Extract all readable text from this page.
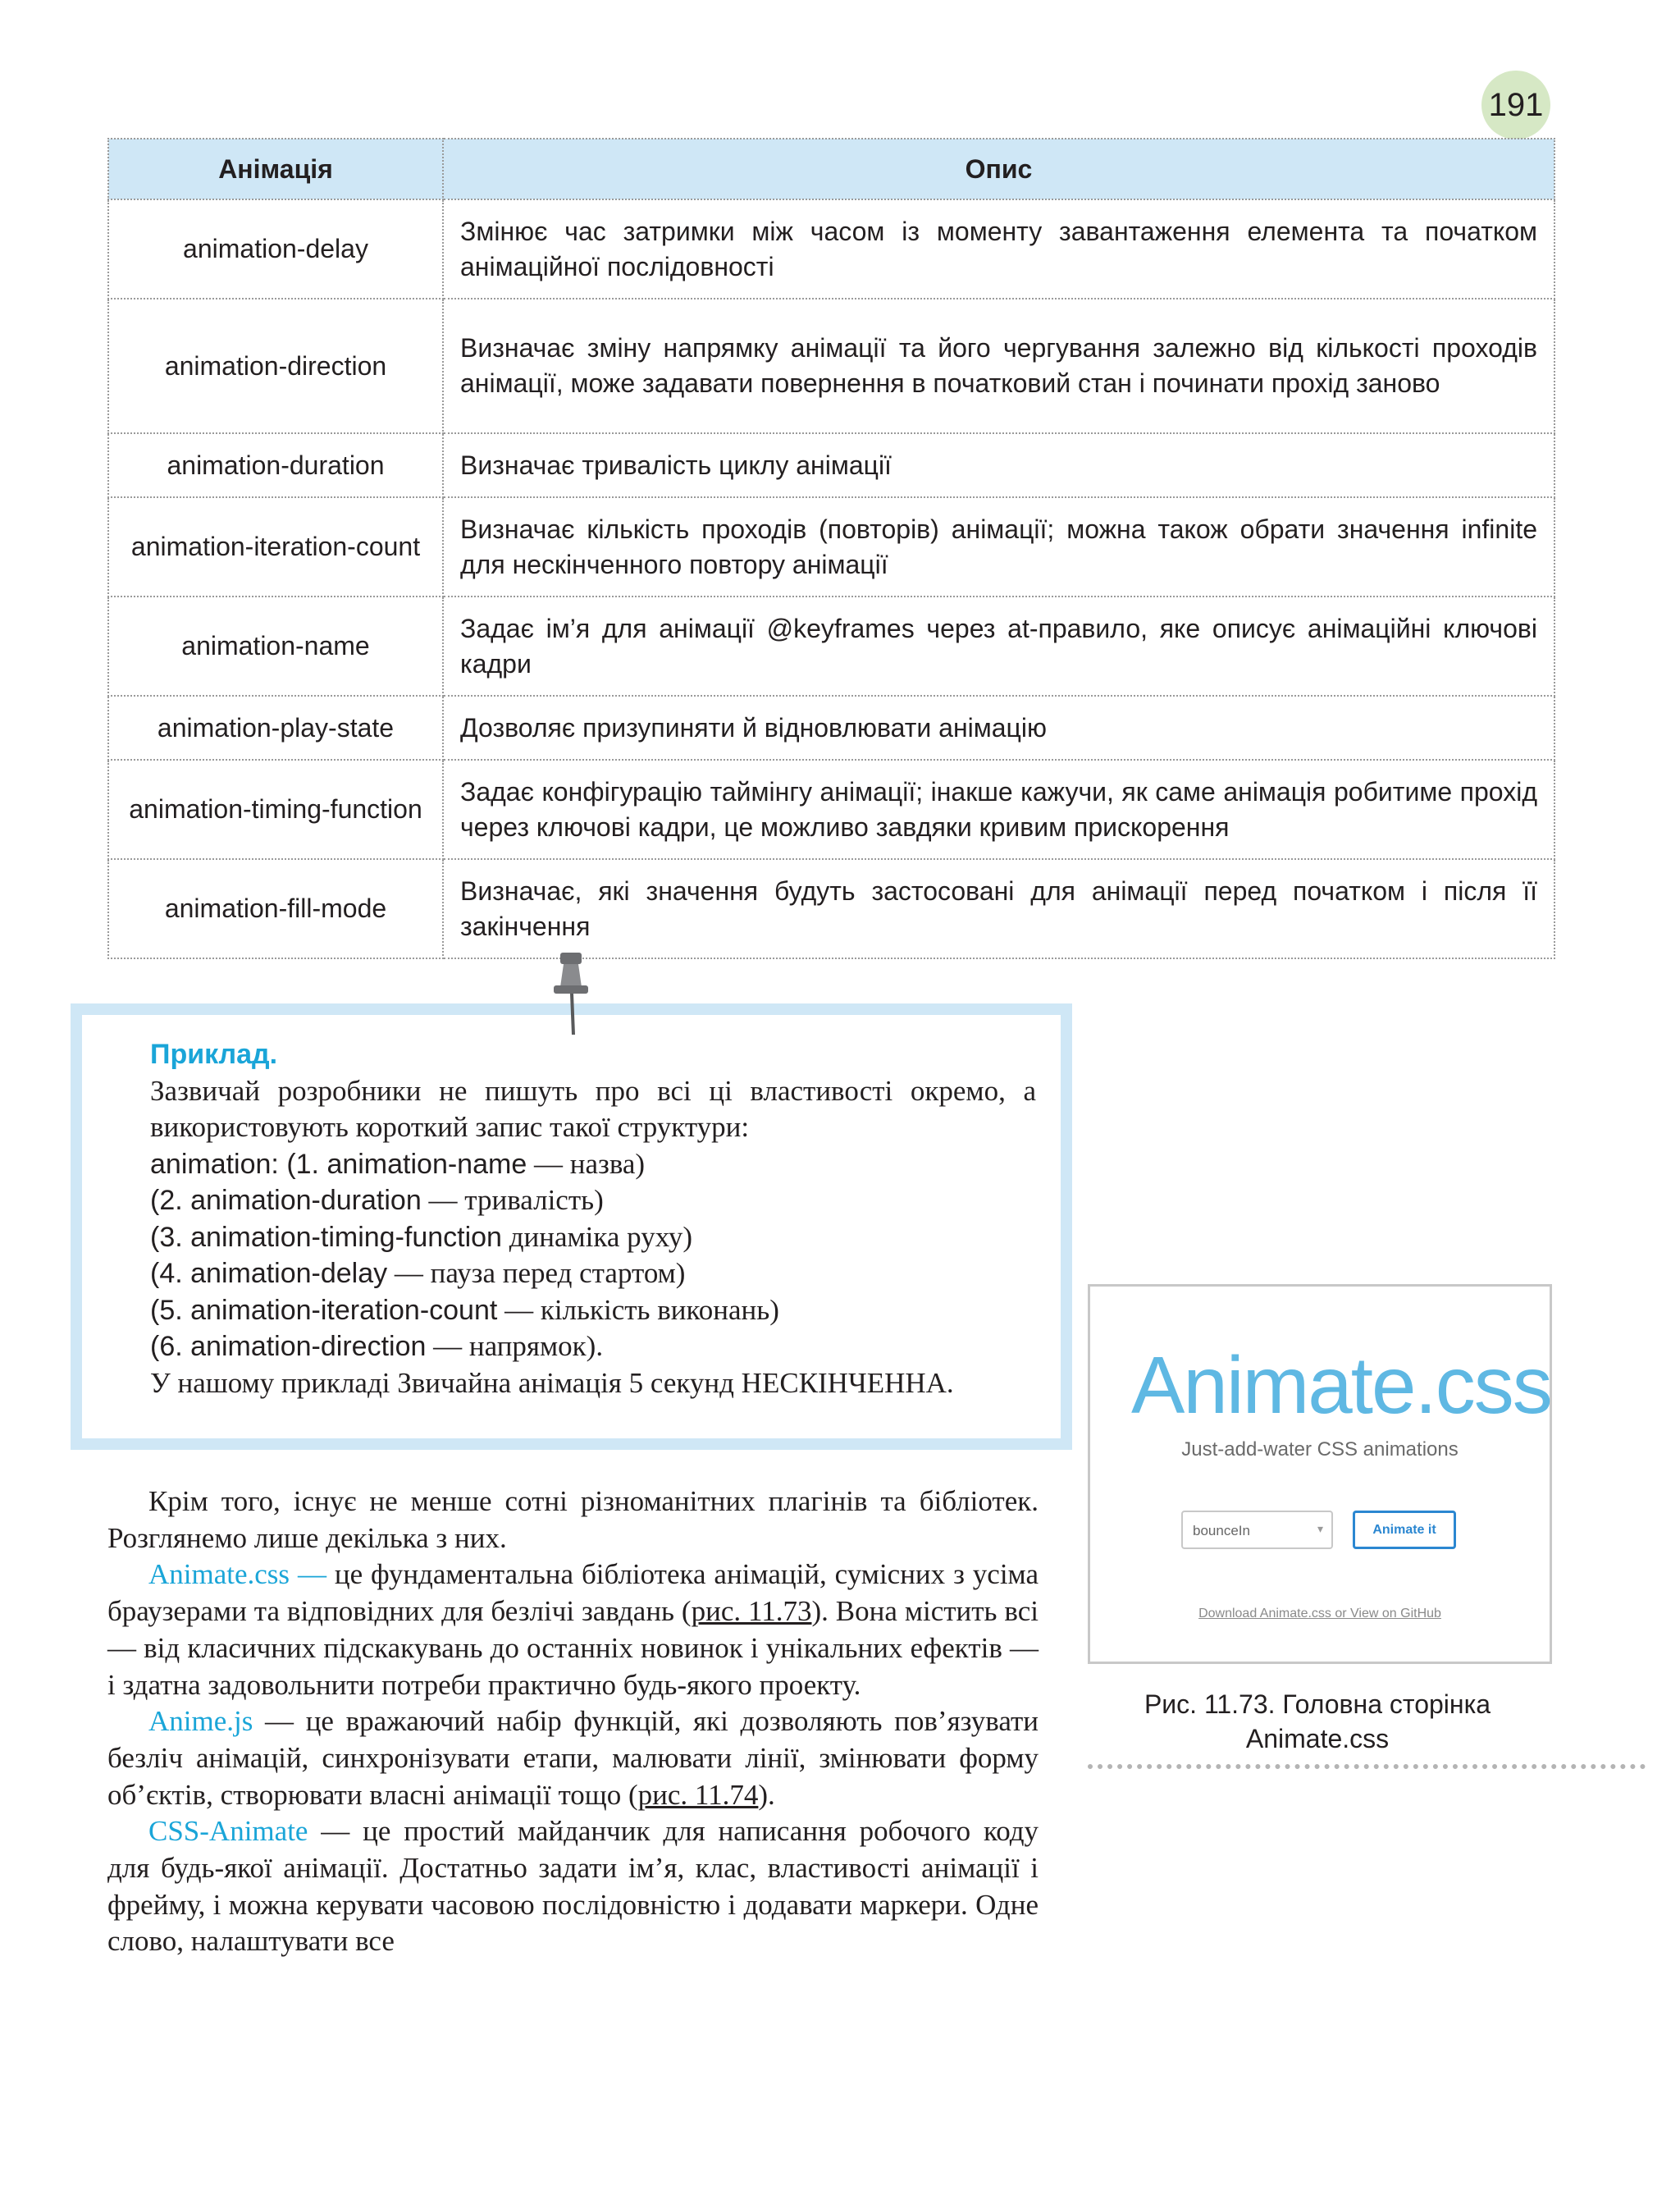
191
Анімація	Опис
animation-delay	Змінює час затримки між часом із моменту завантаження елемента та початком анімаційної послідовності
animation-direction	Визначає зміну напрямку анімації та його чергування залежно від кількості проходів анімації, може задавати повернення в початковий стан і починати прохід заново
animation-duration	Визначає тривалість циклу анімації
animation-iteration-count	Визначає кількість проходів (повторів) анімації; можна також обрати значення infinite для нескінченного повтору анімації
animation-name	Задає ім’я для анімації @keyframes через at-правило, яке описує анімаційні ключові кадри
animation-play-state	Дозволяє призупиняти й відновлювати анімацію
animation-timing-function	Задає конфігурацію таймінгу анімації; інакше кажучи, як саме анімація робитиме прохід через ключові кадри, це можливо завдяки кривим прискорення
animation-fill-mode	Визначає, які значення будуть застосовані для анімації перед початком і після її закінчення
Приклад.
Зазвичай розробники не пишуть про всі ці властивості окремо, а використовують короткий запис такої структури:
animation: (1. animation-name — назва)
(2. animation-duration — тривалість)
(3. animation-timing-function динаміка руху)
(4. animation-delay — пауза перед стартом)
(5. animation-iteration-count — кількість виконань)
(6. animation-direction — напрямок).
У нашому прикладі Звичайна анімація 5 секунд НЕСКІНЧЕННА.

Крім того, існує не менше сотні різноманітних плагінів та бібліотек. Розглянемо лише декілька з них.

Animate.css — це фундаментальна бібліотека анімацій, сумісних з усіма браузерами та відповідних для безлічі завдань (рис. 11.73). Вона містить всі — від класичних підскакувань до останніх новинок і унікальних ефектів — і здатна задовольнити потреби практично будь-якого проекту.

Anime.js — це вражаючий набір функцій, які дозволяють пов’язувати безліч анімацій, синхронізувати етапи, малювати лінії, змінювати форму об’єктів, створювати власні анімації тощо (рис. 11.74).

CSS-Animate — це простий майданчик для написання робочого коду для будь-якої анімації. Достатньо задати ім’я, клас, властивості анімації і фрейму, і можна керувати часовою послідовністю і додавати маркери. Одне слово, налаштувати все

Animate.css
Just-add-water CSS animations
bounceIn	▾	Animate it
Download Animate.css or View on GitHub
Рис. 11.73. Головна сторінка Animate.css
